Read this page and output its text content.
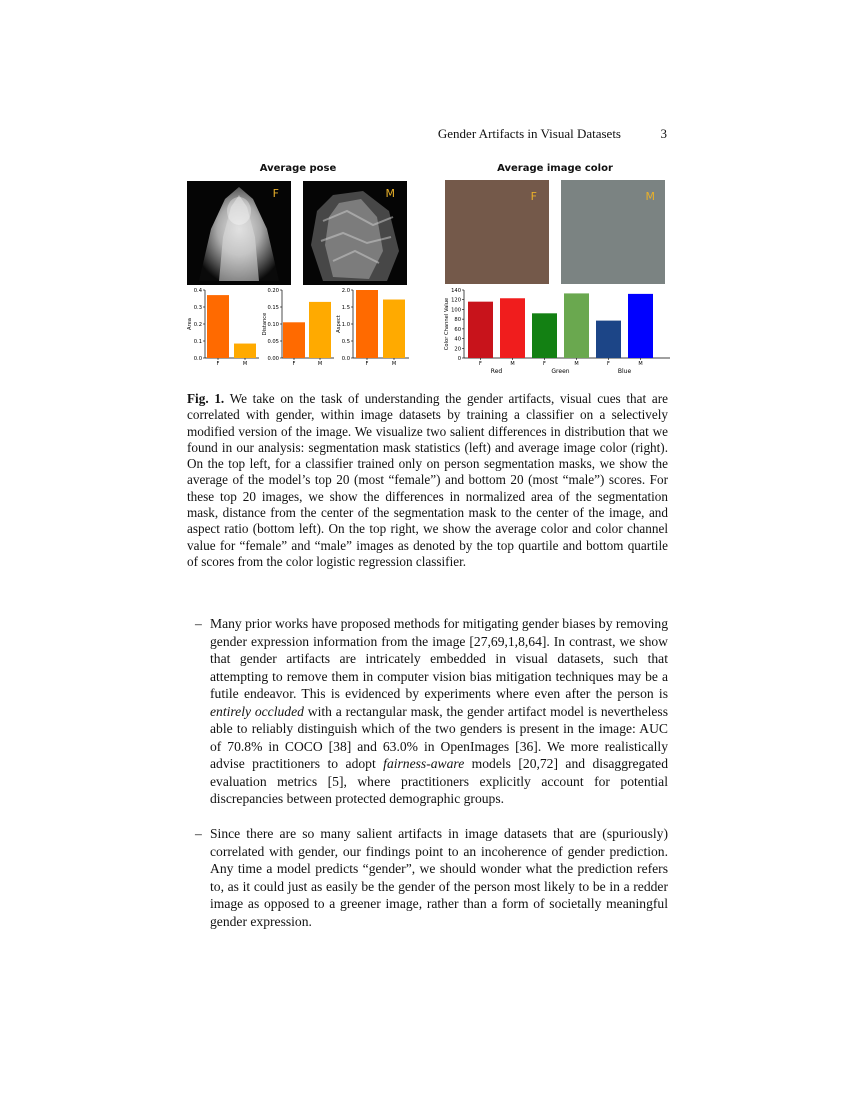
Gender Artifacts in Visual Datasets	3
Average pose	Average image color
F	M	F	M
0.0
0.1
0.2
0.3
0.4
Area
F	M
0.00
0.05
0.10
0.15
0.20
Distance
F	M
0.0
0.5
1.0
1.5
2.0
Aspect
F	M
0
20
40
60
80
100
120
140
Color Channel Value
F	M	F	M	F	M
Red	Green	Blue
Fig. 1. We take on the task of understanding the gender artifacts, visual cues that are correlated with gender, within image datasets by training a classifier on a selectively modified version of the image. We visualize two salient differences in distribution that we found in our analysis: segmentation mask statistics (left) and average image color (right). On the top left, for a classifier trained only on person segmentation masks, we show the average of the model’s top 20 (most “female”) and bottom 20 (most “male”) scores. For these top 20 images, we show the differences in normalized area of the segmentation mask, distance from the center of the segmentation mask to the center of the image, and aspect ratio (bottom left). On the top right, we show the average color and color channel value for “female” and “male” images as denoted by the top quartile and bottom quartile of scores from the color logistic regression classifier.
– Many prior works have proposed methods for mitigating gender biases by removing gender expression information from the image [27,69,1,8,64]. In contrast, we show that gender artifacts are intricately embedded in visual datasets, such that attempting to remove them in computer vision bias mitigation techniques may be a futile endeavor. This is evidenced by experiments where even after the person is entirely occluded with a rectangular mask, the gender artifact model is nevertheless able to reliably distinguish which of the two genders is present in the image: AUC of 70.8% in COCO [38] and 63.0% in OpenImages [36]. We more realistically advise practitioners to adopt fairness-aware models [20,72] and disaggregated evaluation metrics [5], where practitioners explicitly account for potential discrepancies between protected demographic groups.
– Since there are so many salient artifacts in image datasets that are (spuriously) correlated with gender, our findings point to an incoherence of gender prediction. Any time a model predicts “gender”, we should wonder what the prediction refers to, as it could just as easily be the gender of the person most likely to be in a redder image as opposed to a greener image, rather than a form of societally meaningful gender expression.
